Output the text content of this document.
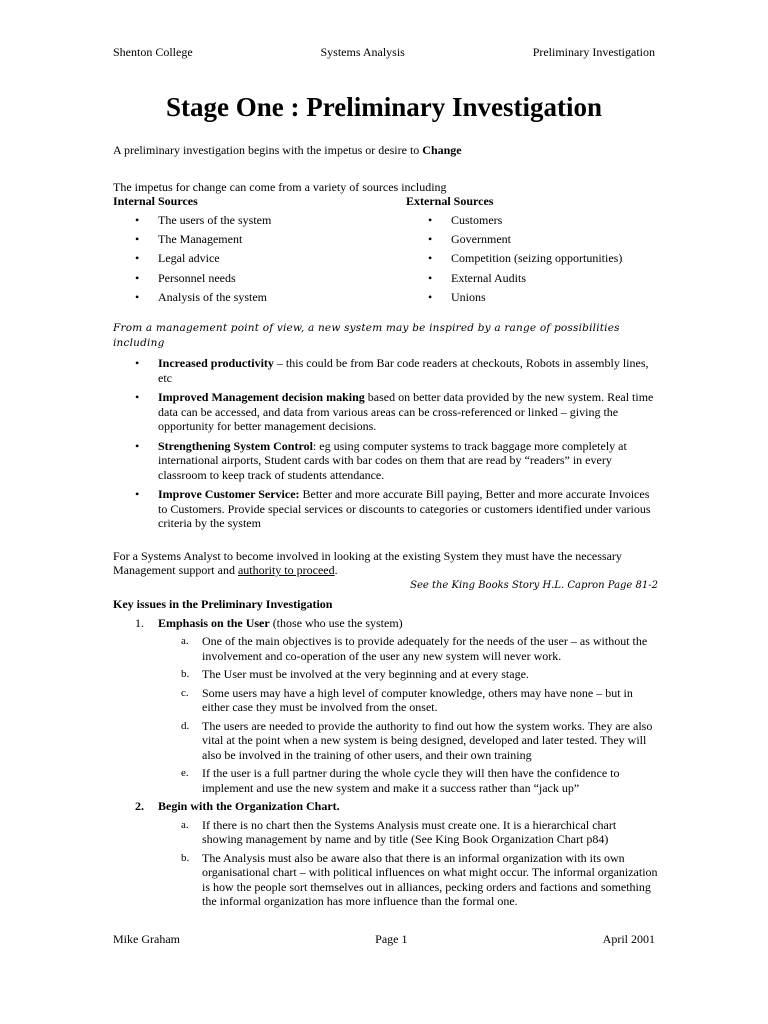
Shenton College	Systems Analysis	Preliminary Investigation
Stage One : Preliminary Investigation

A preliminary investigation begins with the impetus or desire to Change

The impetus for change can come from a variety of sources including

Internal Sources
• The users of the system
• The Management
• Legal advice
• Personnel needs
• Analysis of the system
External Sources
• Customers
• Government
• Competition (seizing opportunities)
• External Audits
• Unions

From a management point of view, a new system may be inspired by a range of possibilities including

• Increased productivity – this could be from Bar code readers at checkouts, Robots in assembly lines, etc
• Improved Management decision making based on better data provided by the new system. Real time data can be accessed, and data from various areas can be cross-referenced or linked – giving the opportunity for better management decisions.
• Strengthening System Control: eg using computer systems to track baggage more completely at international airports, Student cards with bar codes on them that are read by “readers” in every classroom to keep track of students attendance.
• Improve Customer Service: Better and more accurate Bill paying, Better and more accurate Invoices to Customers. Provide special services or discounts to categories or customers identified under various criteria by the system

For a Systems Analyst to become involved in looking at the existing System they must have the necessary Management support and authority to proceed.

See the King Books Story H.L. Capron Page 81-2

Key issues in the Preliminary Investigation

1. Emphasis on the User (those who use the system)
a. One of the main objectives is to provide adequately for the needs of the user – as without the involvement and co-operation of the user any new system will never work.
b. The User must be involved at the very beginning and at every stage.
c. Some users may have a high level of computer knowledge, others may have none – but in either case they must be involved from the onset.
d. The users are needed to provide the authority to find out how the system works. They are also vital at the point when a new system is being designed, developed and later tested. They will also be involved in the training of other users, and their own training
e. If the user is a full partner during the whole cycle they will then have the confidence to implement and use the new system and make it a success rather than “jack up”
2. Begin with the Organization Chart.
a. If there is no chart then the Systems Analysis must create one. It is a hierarchical chart showing management by name and by title (See King Book Organization Chart p84)
b. The Analysis must also be aware also that there is an informal organization with its own organisational chart – with political influences on what might occur. The informal organization is how the people sort themselves out in alliances, pecking orders and factions and something the informal organization has more influence than the formal one.
Mike Graham	Page 1	April 2001
